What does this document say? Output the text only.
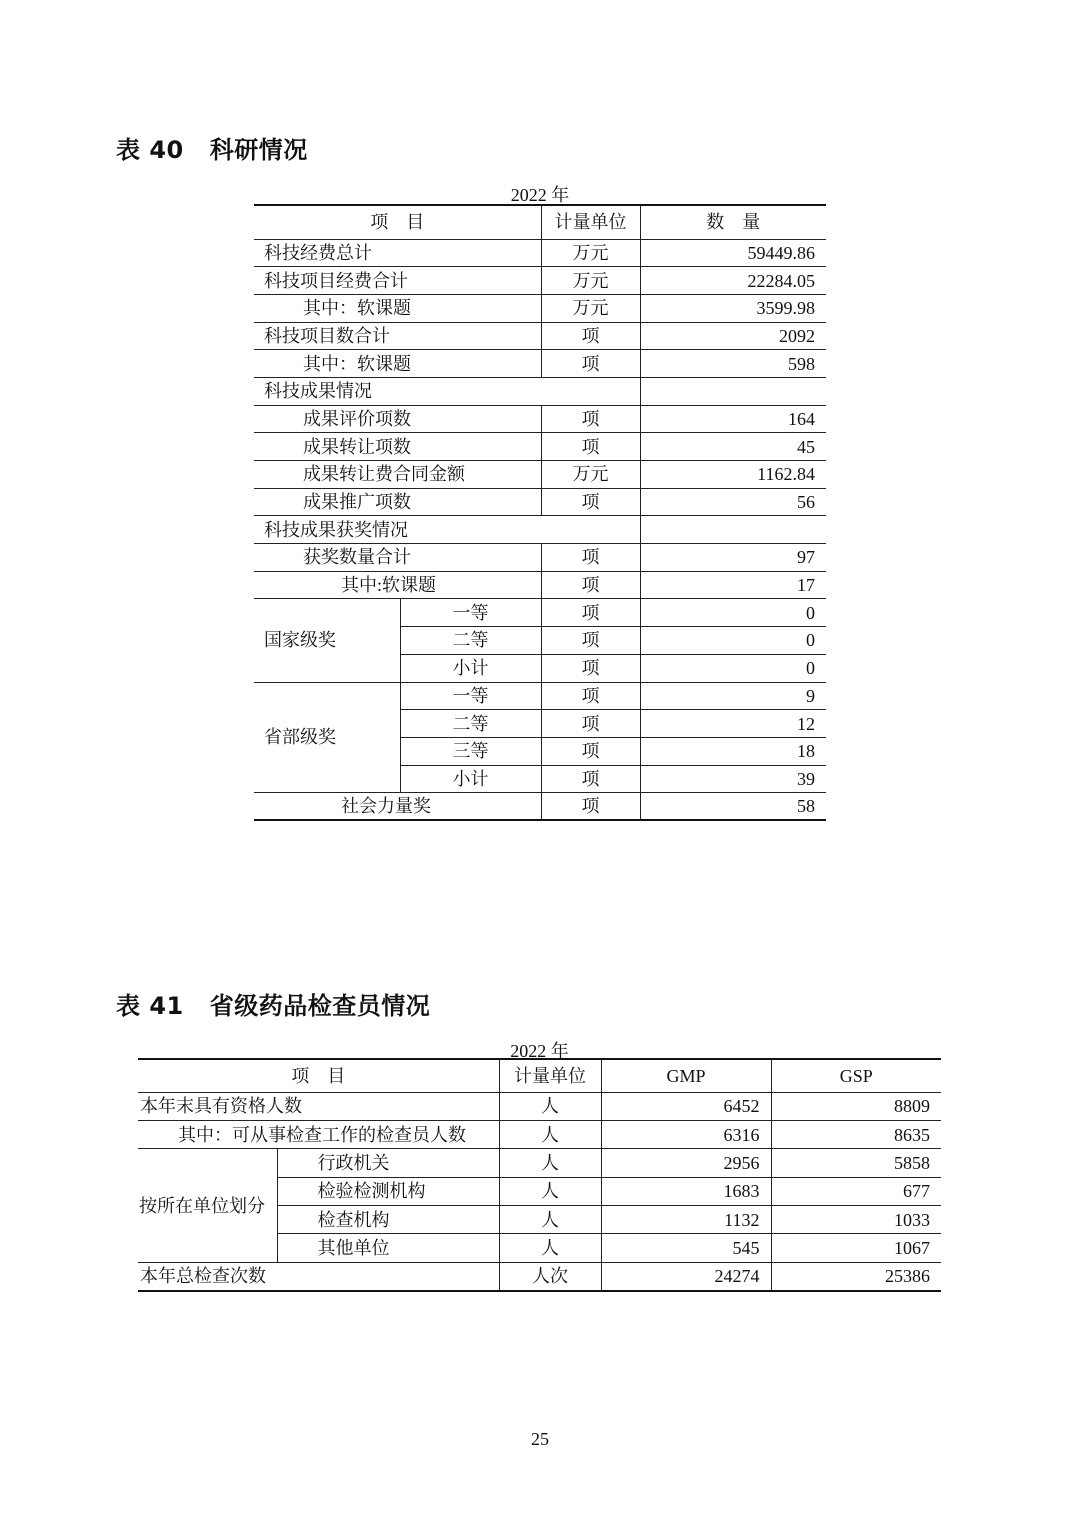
表 40 科研情况
2022 年
项　目		计量单位	数　量
科技经费总计		万元	59449.86
科技项目经费合计		万元	22284.05
其中：软课题		万元	3599.98
科技项目数合计		项	2092
其中：软课题		项	598
科技成果情况			
成果评价项数		项	164
成果转让项数		项	45
成果转让费合同金额		万元	1162.84
成果推广项数		项	56
科技成果获奖情况			
获奖数量合计		项	97
其中:软课题		项	17
国家级奖	一等	项	0
	二等	项	0
	小计	项	0
省部级奖	一等	项	9
	二等	项	12
	三等	项	18
	小计	项	39
社会力量奖		项	58
表 41 省级药品检查员情况
2022 年
项　目		计量单位	GMP	GSP
本年末具有资格人数		人	6452	8809
其中：可从事检查工作的检查员人数		人	6316	8635
按所在单位划分	行政机关	人	2956	5858
	检验检测机构	人	1683	677
	检查机构	人	1132	1033
	其他单位	人	545	1067
本年总检查次数		人次	24274	25386
25
